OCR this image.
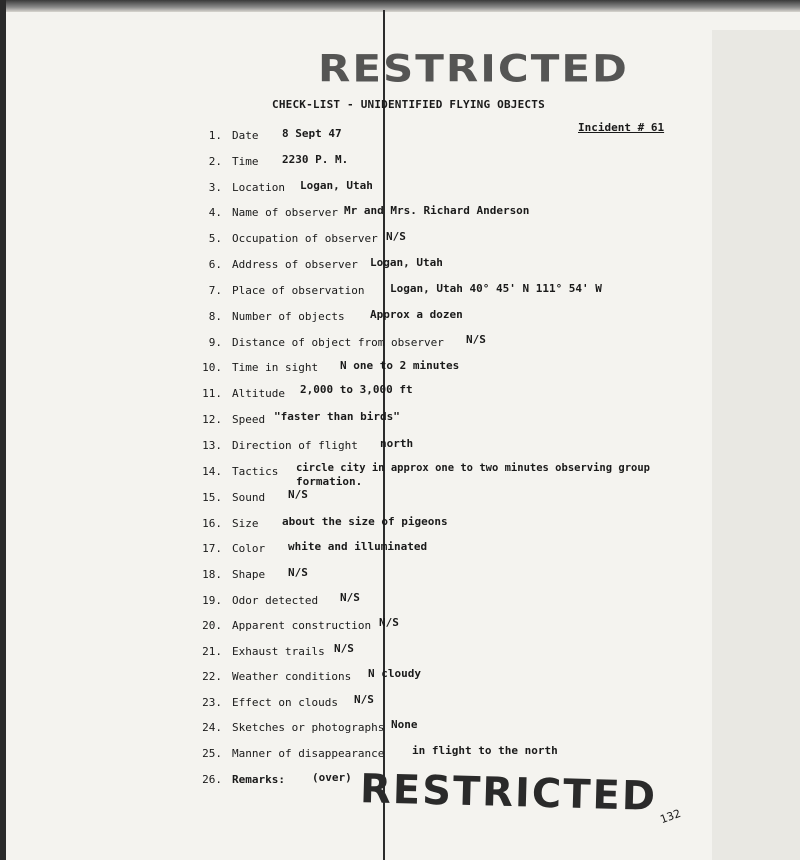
RESTRICTED
CHECK-LIST - UNIDENTIFIED FLYING OBJECTS
Incident # 61
1. Date 8 Sept 47
2. Time 2230 P. M.
3. Location Logan, Utah
4. Name of observer Mr and Mrs. Richard Anderson
5. Occupation of observer N/S
6. Address of observer Logan, Utah
7. Place of observation Logan, Utah 40° 45' N 111° 54' W
8. Number of objects Approx a dozen
9. Distance of object from observer N/S
10. Time in sight N one to 2 minutes
11. Altitude 2,000 to 3,000 ft
12. Speed "faster than birds"
13. Direction of flight north
14. Tactics circle city in approx one to two minutes observing group
formation.
15. Sound N/S
16. Size about the size of pigeons
17. Color white and illuminated
18. Shape N/S
19. Odor detected N/S
20. Apparent construction N/S
21. Exhaust trails N/S
22. Weather conditions N cloudy
23. Effect on clouds N/S
24. Sketches or photographs None
25. Manner of disappearance	in flight to the north
26. Remarks: (over) RESTRICTED 132
